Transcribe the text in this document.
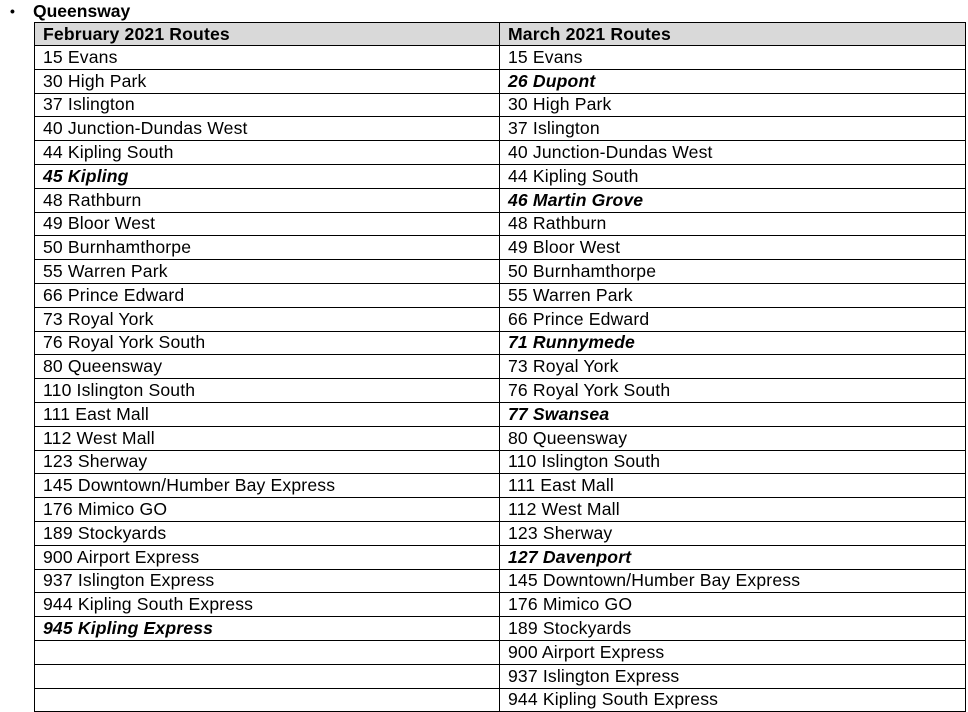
•	Queensway
February 2021 Routes	March 2021 Routes
15 Evans	15 Evans
30 High Park	26 Dupont
37 Islington	30 High Park
40 Junction-Dundas West	37 Islington
44 Kipling South	40 Junction-Dundas West
45 Kipling	44 Kipling South
48 Rathburn	46 Martin Grove
49 Bloor West	48 Rathburn
50 Burnhamthorpe	49 Bloor West
55 Warren Park	50 Burnhamthorpe
66 Prince Edward	55 Warren Park
73 Royal York	66 Prince Edward
76 Royal York South	71 Runnymede
80 Queensway	73 Royal York
110 Islington South	76 Royal York South
111 East Mall	77 Swansea
112 West Mall	80 Queensway
123 Sherway	110 Islington South
145 Downtown/Humber Bay Express	111 East Mall
176 Mimico GO	112 West Mall
189 Stockyards	123 Sherway
900 Airport Express	127 Davenport
937 Islington Express	145 Downtown/Humber Bay Express
944 Kipling South Express	176 Mimico GO
945 Kipling Express	189 Stockyards
	900 Airport Express
	937 Islington Express
	944 Kipling South Express
